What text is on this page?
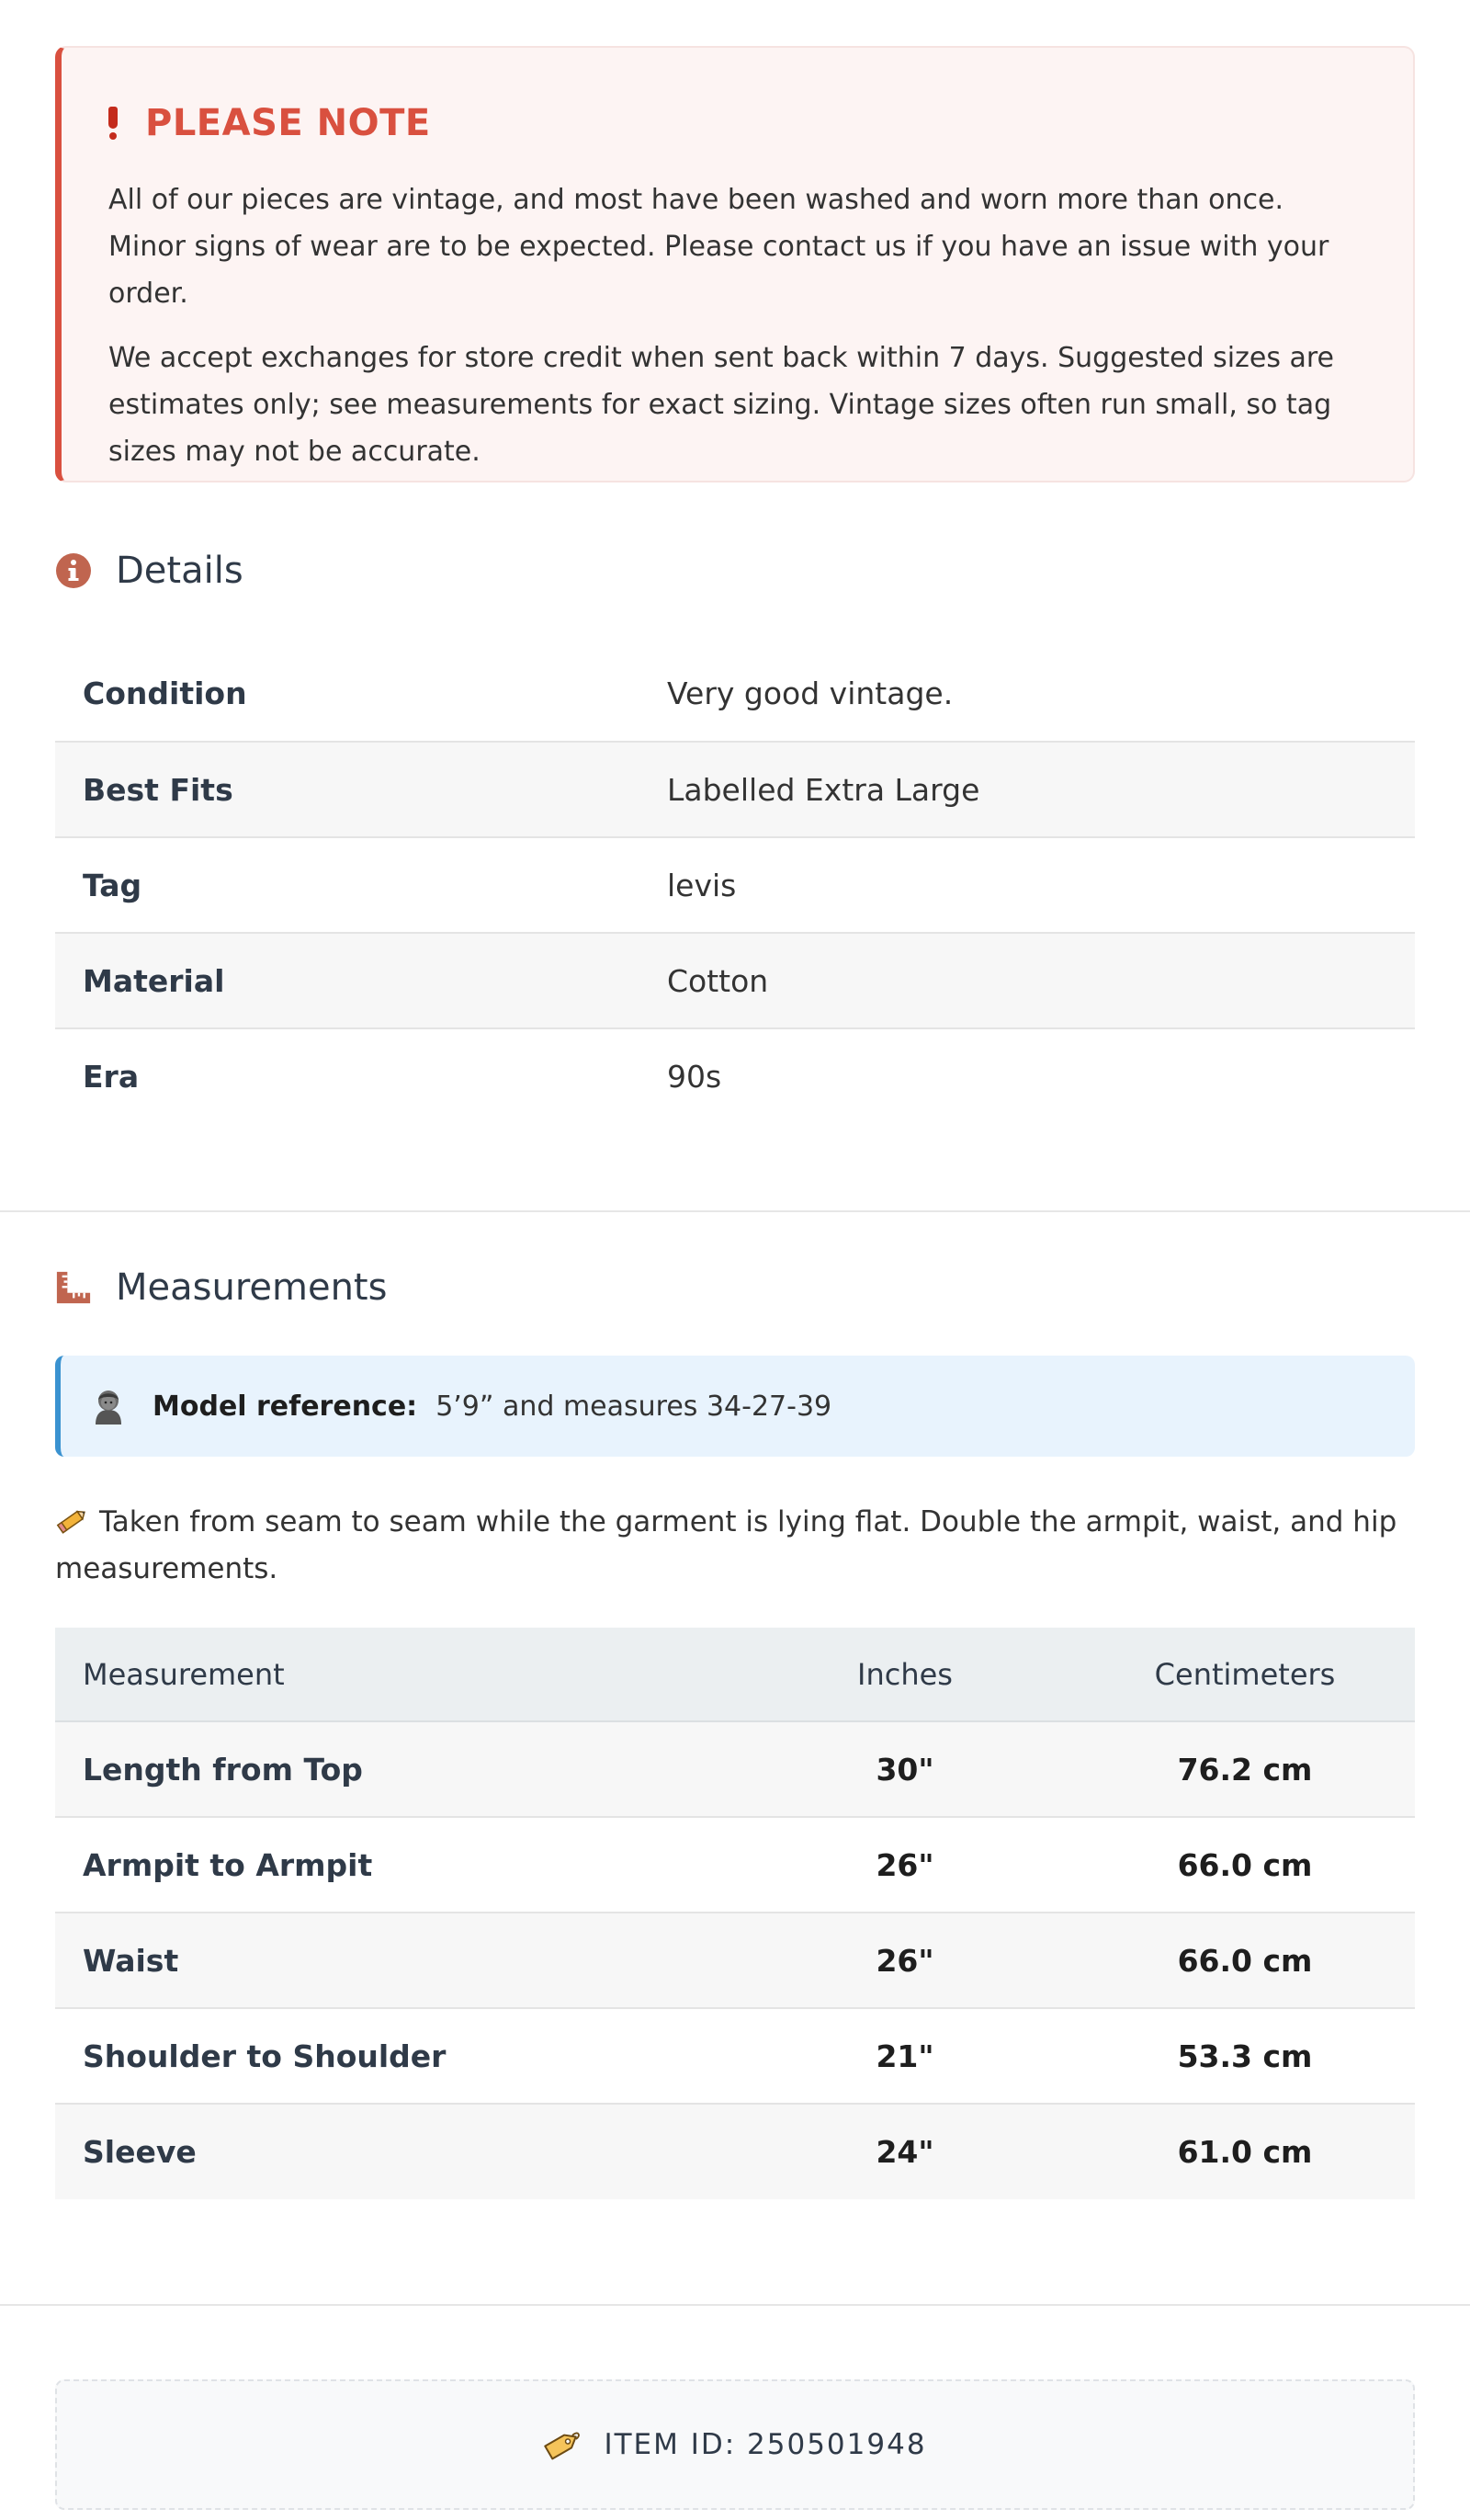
PLEASE NOTE

All of our pieces are vintage, and most have been washed and worn more than once. Minor signs of wear are to be expected. Please contact us if you have an issue with your order.

We accept exchanges for store credit when sent back within 7 days. Suggested sizes are estimates only; see measurements for exact sizing. Vintage sizes often run small, so tag sizes may not be accurate.

Details
Condition	Very good vintage.
Best Fits	Labelled Extra Large
Tag	levis
Material	Cotton
Era	90s
Measurements
Model reference: 5’9” and measures 34-27-39
Taken from seam to seam while the garment is lying flat. Double the armpit, waist, and hip measurements.
Measurement	Inches	Centimeters
Length from Top	30"	76.2 cm
Armpit to Armpit	26"	66.0 cm
Waist	26"	66.0 cm
Shoulder to Shoulder	21"	53.3 cm
Sleeve	24"	61.0 cm
ITEM ID: 250501948
